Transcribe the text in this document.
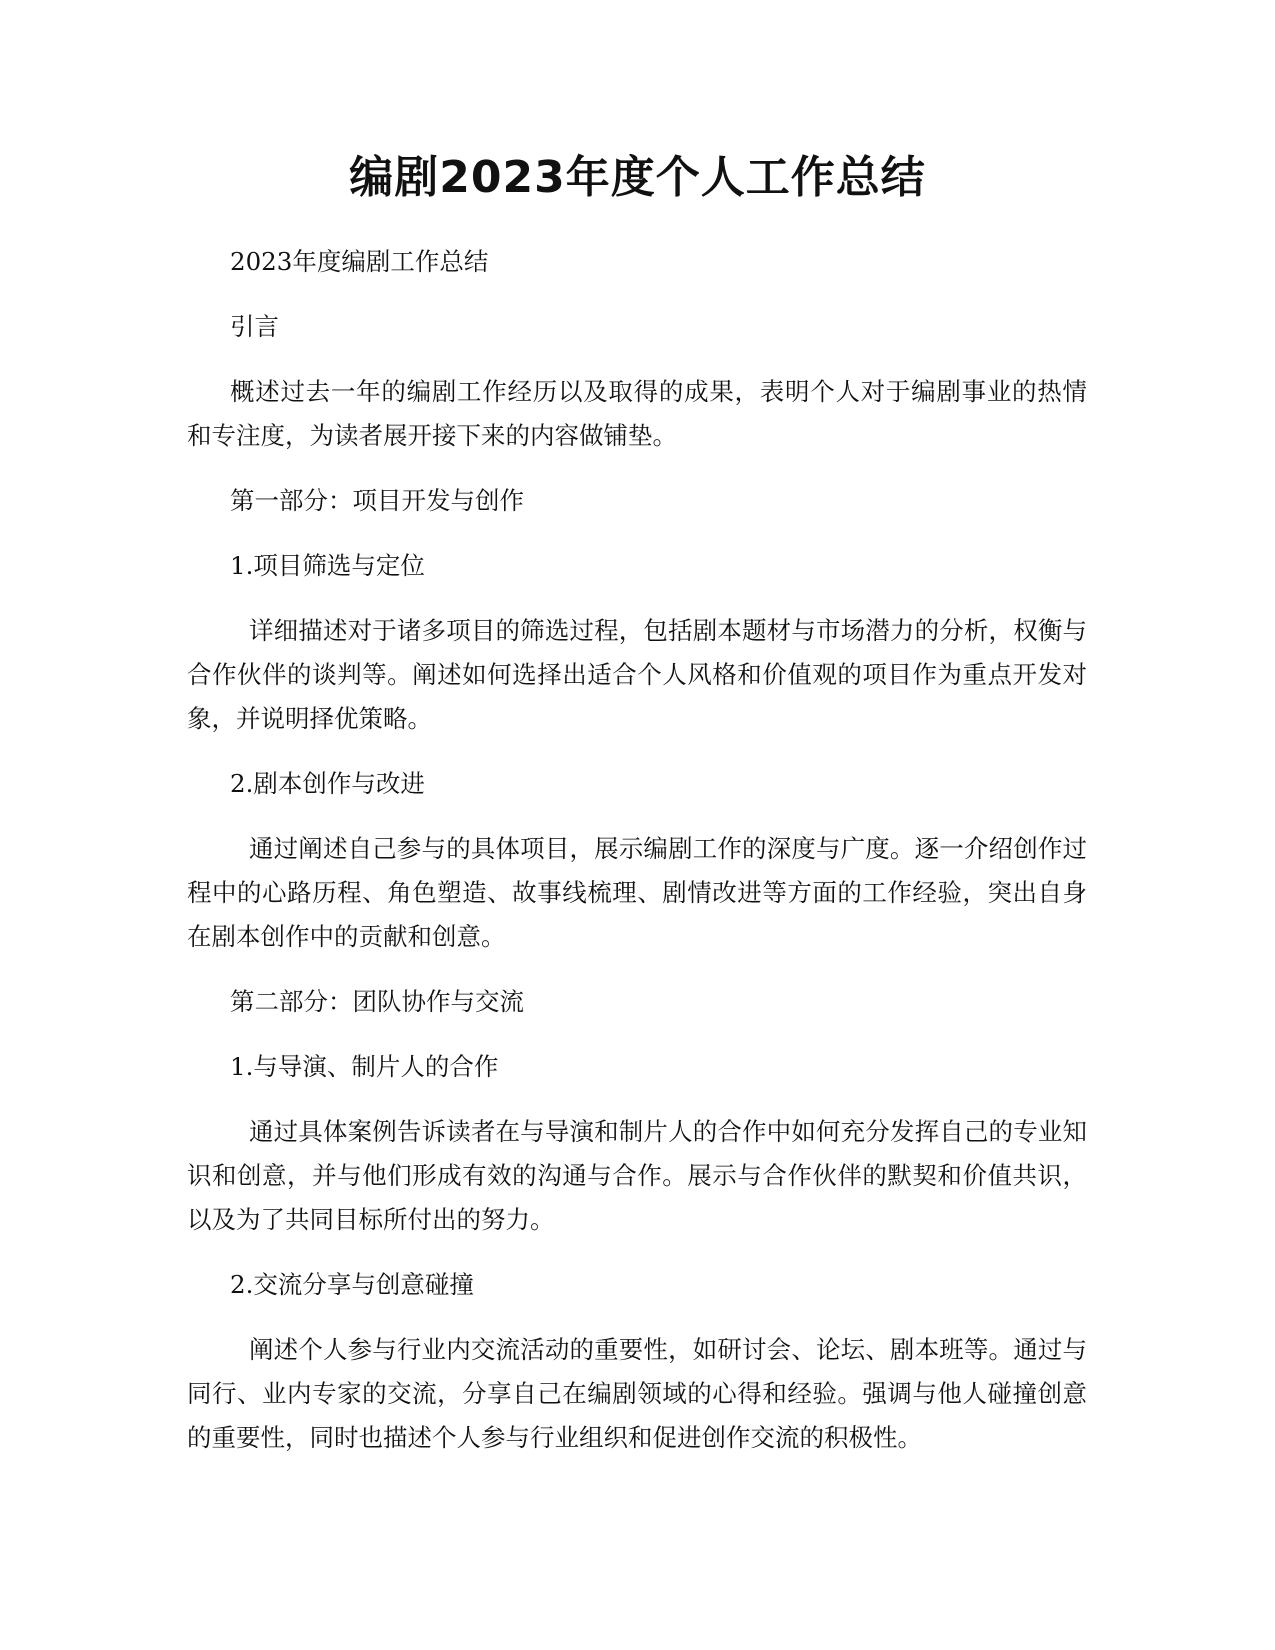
编剧2023年度个人工作总结

2023年度编剧工作总结

引言

概述过去一年的编剧工作经历以及取得的成果，表明个人对于编剧事业的热情和专注度，为读者展开接下来的内容做铺垫。

第一部分：项目开发与创作

1.项目筛选与定位

详细描述对于诸多项目的筛选过程，包括剧本题材与市场潜力的分析，权衡与合作伙伴的谈判等。阐述如何选择出适合个人风格和价值观的项目作为重点开发对象，并说明择优策略。

2.剧本创作与改进

通过阐述自己参与的具体项目，展示编剧工作的深度与广度。逐一介绍创作过程中的心路历程、角色塑造、故事线梳理、剧情改进等方面的工作经验，突出自身在剧本创作中的贡献和创意。

第二部分：团队协作与交流

1.与导演、制片人的合作

通过具体案例告诉读者在与导演和制片人的合作中如何充分发挥自己的专业知识和创意，并与他们形成有效的沟通与合作。展示与合作伙伴的默契和价值共识，以及为了共同目标所付出的努力。

2.交流分享与创意碰撞

阐述个人参与行业内交流活动的重要性，如研讨会、论坛、剧本班等。通过与同行、业内专家的交流，分享自己在编剧领域的心得和经验。强调与他人碰撞创意的重要性，同时也描述个人参与行业组织和促进创作交流的积极性。
